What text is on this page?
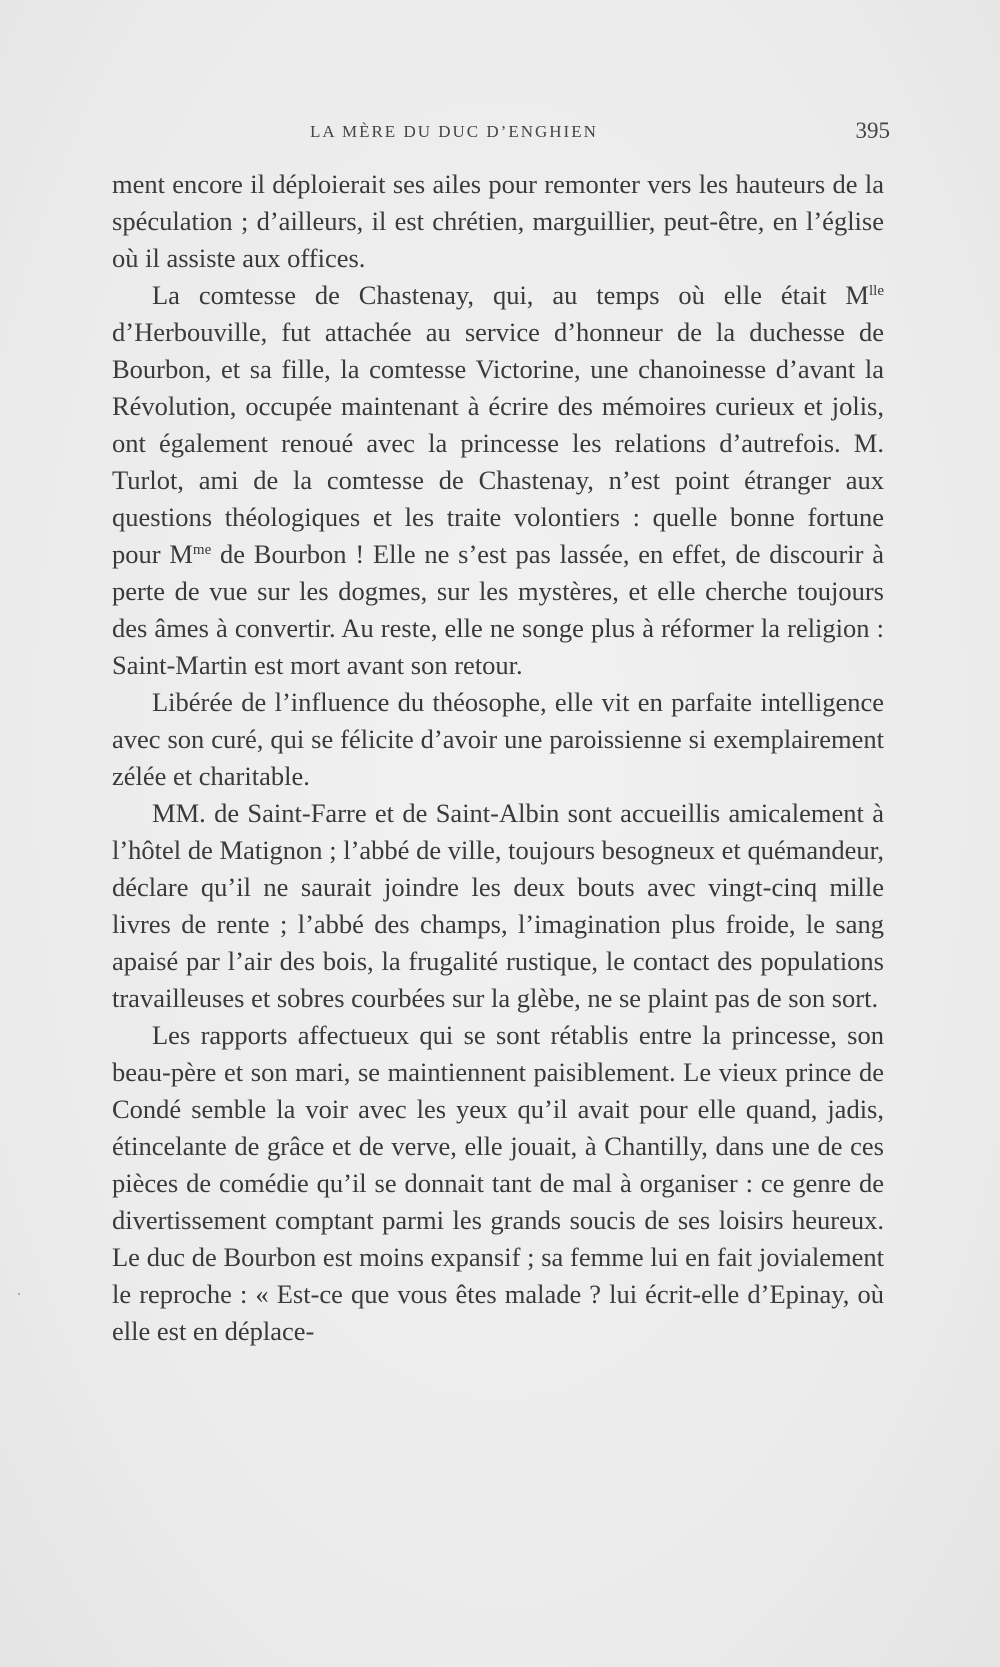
LA MÈRE DU DUC D’ENGHIEN	395

ment encore il déploierait ses ailes pour remonter vers les hauteurs de la spéculation ; d’ailleurs, il est chrétien, marguillier, peut-être, en l’église où il assiste aux offices.

La comtesse de Chastenay, qui, au temps où elle était $M^{lle}$ d’Herbouville, fut attachée au service d’honneur de la duchesse de Bourbon, et sa fille, la comtesse Victorine, une chanoinesse d’avant la Révolution, occupée maintenant à écrire des mémoires curieux et jolis, ont également renoué avec la princesse les relations d’autrefois. M. Turlot, ami de la comtesse de Chastenay, n’est point étranger aux questions théologiques et les traite volontiers : quelle bonne fortune pour $M^{me}$ de Bourbon ! Elle ne s’est pas lassée, en effet, de discourir à perte de vue sur les dogmes, sur les mystères, et elle cherche toujours des âmes à convertir. Au reste, elle ne songe plus à réformer la religion : Saint-Martin est mort avant son retour.

Libérée de l’influence du théosophe, elle vit en parfaite intelligence avec son curé, qui se félicite d’avoir une paroissienne si exemplairement zélée et charitable.

MM. de Saint-Farre et de Saint-Albin sont accueillis amicalement à l’hôtel de Matignon ; l’abbé de ville, toujours besogneux et quémandeur, déclare qu’il ne saurait joindre les deux bouts avec vingt-cinq mille livres de rente ; l’abbé des champs, l’imagination plus froide, le sang apaisé par l’air des bois, la frugalité rustique, le contact des populations travailleuses et sobres courbées sur la glèbe, ne se plaint pas de son sort.

Les rapports affectueux qui se sont rétablis entre la princesse, son beau-père et son mari, se maintiennent paisiblement. Le vieux prince de Condé semble la voir avec les yeux qu’il avait pour elle quand, jadis, étincelante de grâce et de verve, elle jouait, à Chantilly, dans une de ces pièces de comédie qu’il se donnait tant de mal à organiser : ce genre de divertissement comptant parmi les grands soucis de ses loisirs heureux. Le duc de Bourbon est moins expansif ; sa femme lui en fait jovialement le reproche : « Est-ce que vous êtes malade ? lui écrit-elle d’Epinay, où elle est en déplace-
